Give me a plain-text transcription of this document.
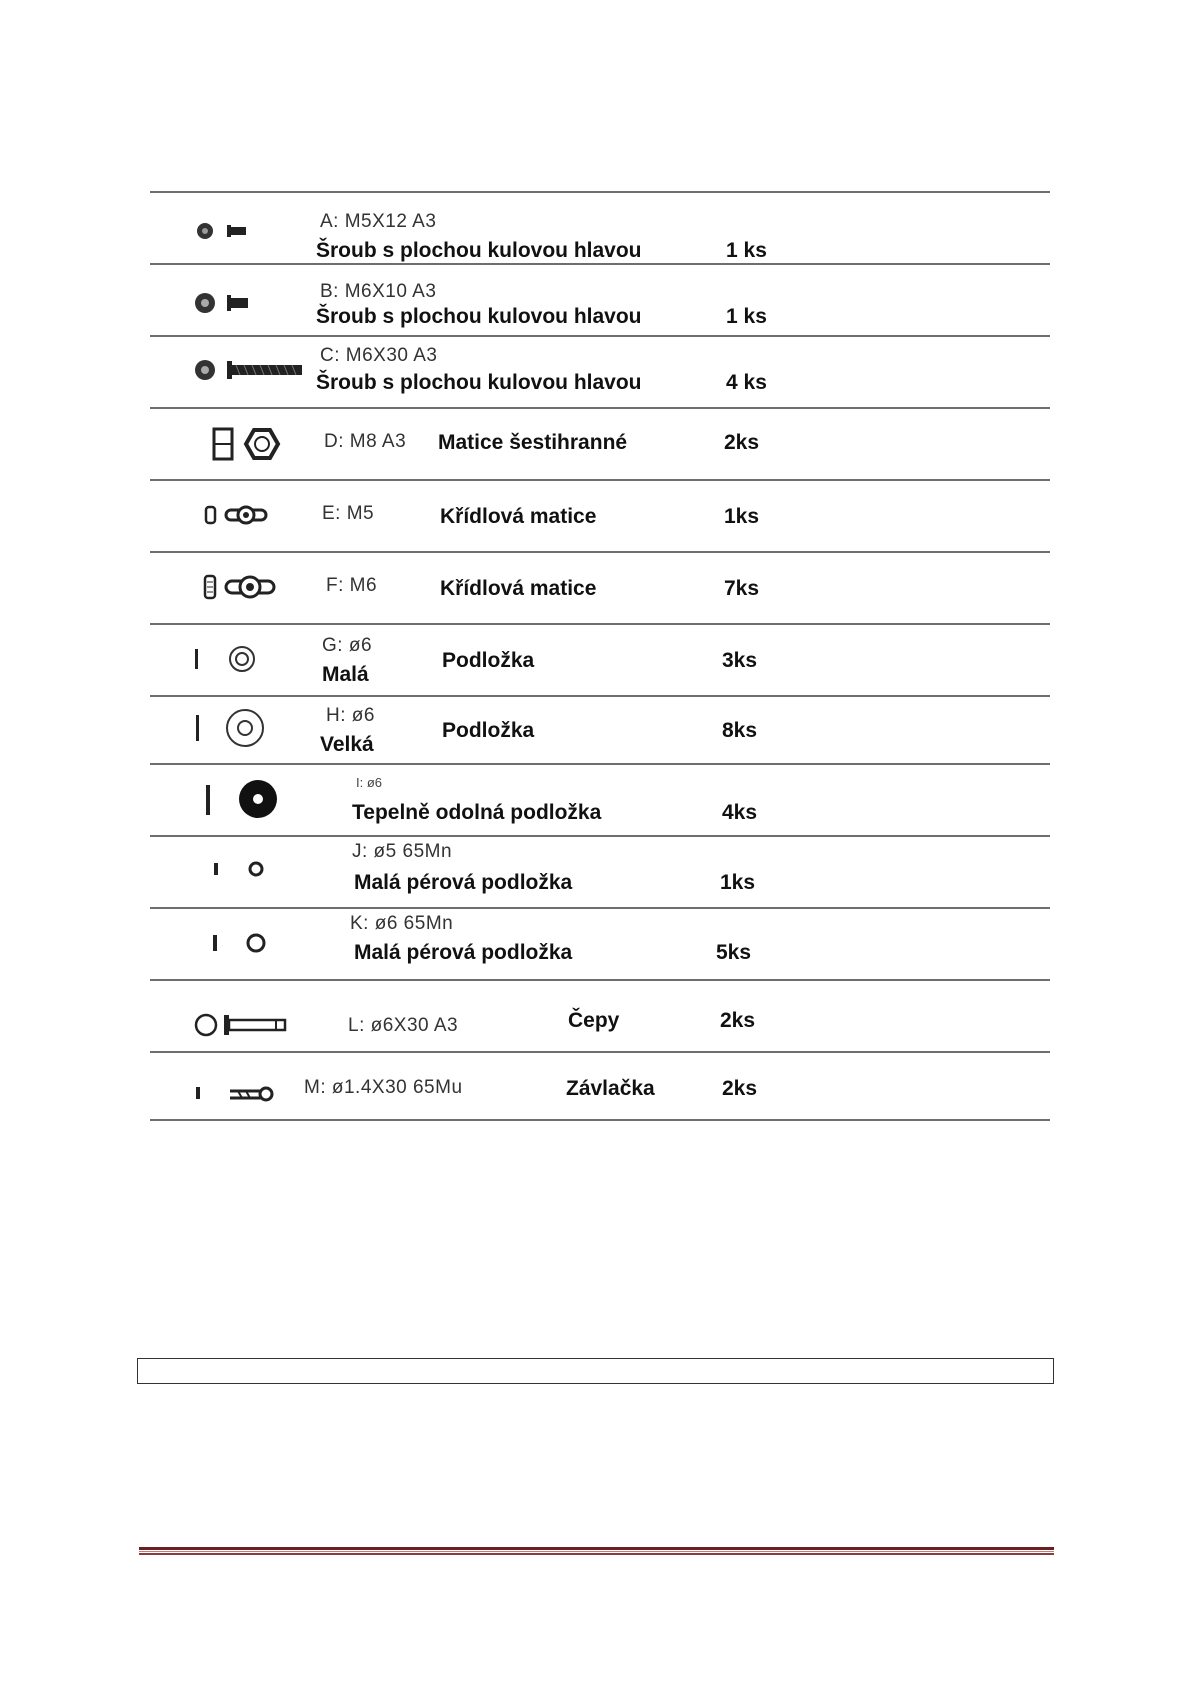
A: M5X12 A3
Šroub s plochou kulovou hlavou	1 ks
B: M6X10 A3
Šroub s plochou kulovou hlavou	1 ks
C: M6X30 A3
Šroub s plochou kulovou hlavou	4 ks
D: M8 A3 Matice šestihranné	2ks
E: M5	Křídlová matice	1ks
F: M6	Křídlová matice	7ks
G: ø6
Malá
Podložka	3ks
H: ø6
Velká
Podložka	8ks
I: ø6
Tepelně odolná podložka	4ks
J: ø5 65Mn
Malá pérová podložka	1ks
K: ø6 65Mn
Malá pérová podložka	5ks
L: ø6X30 A3	Čepy	2ks
M: ø1.4X30 65Mu	Závlačka	2ks
